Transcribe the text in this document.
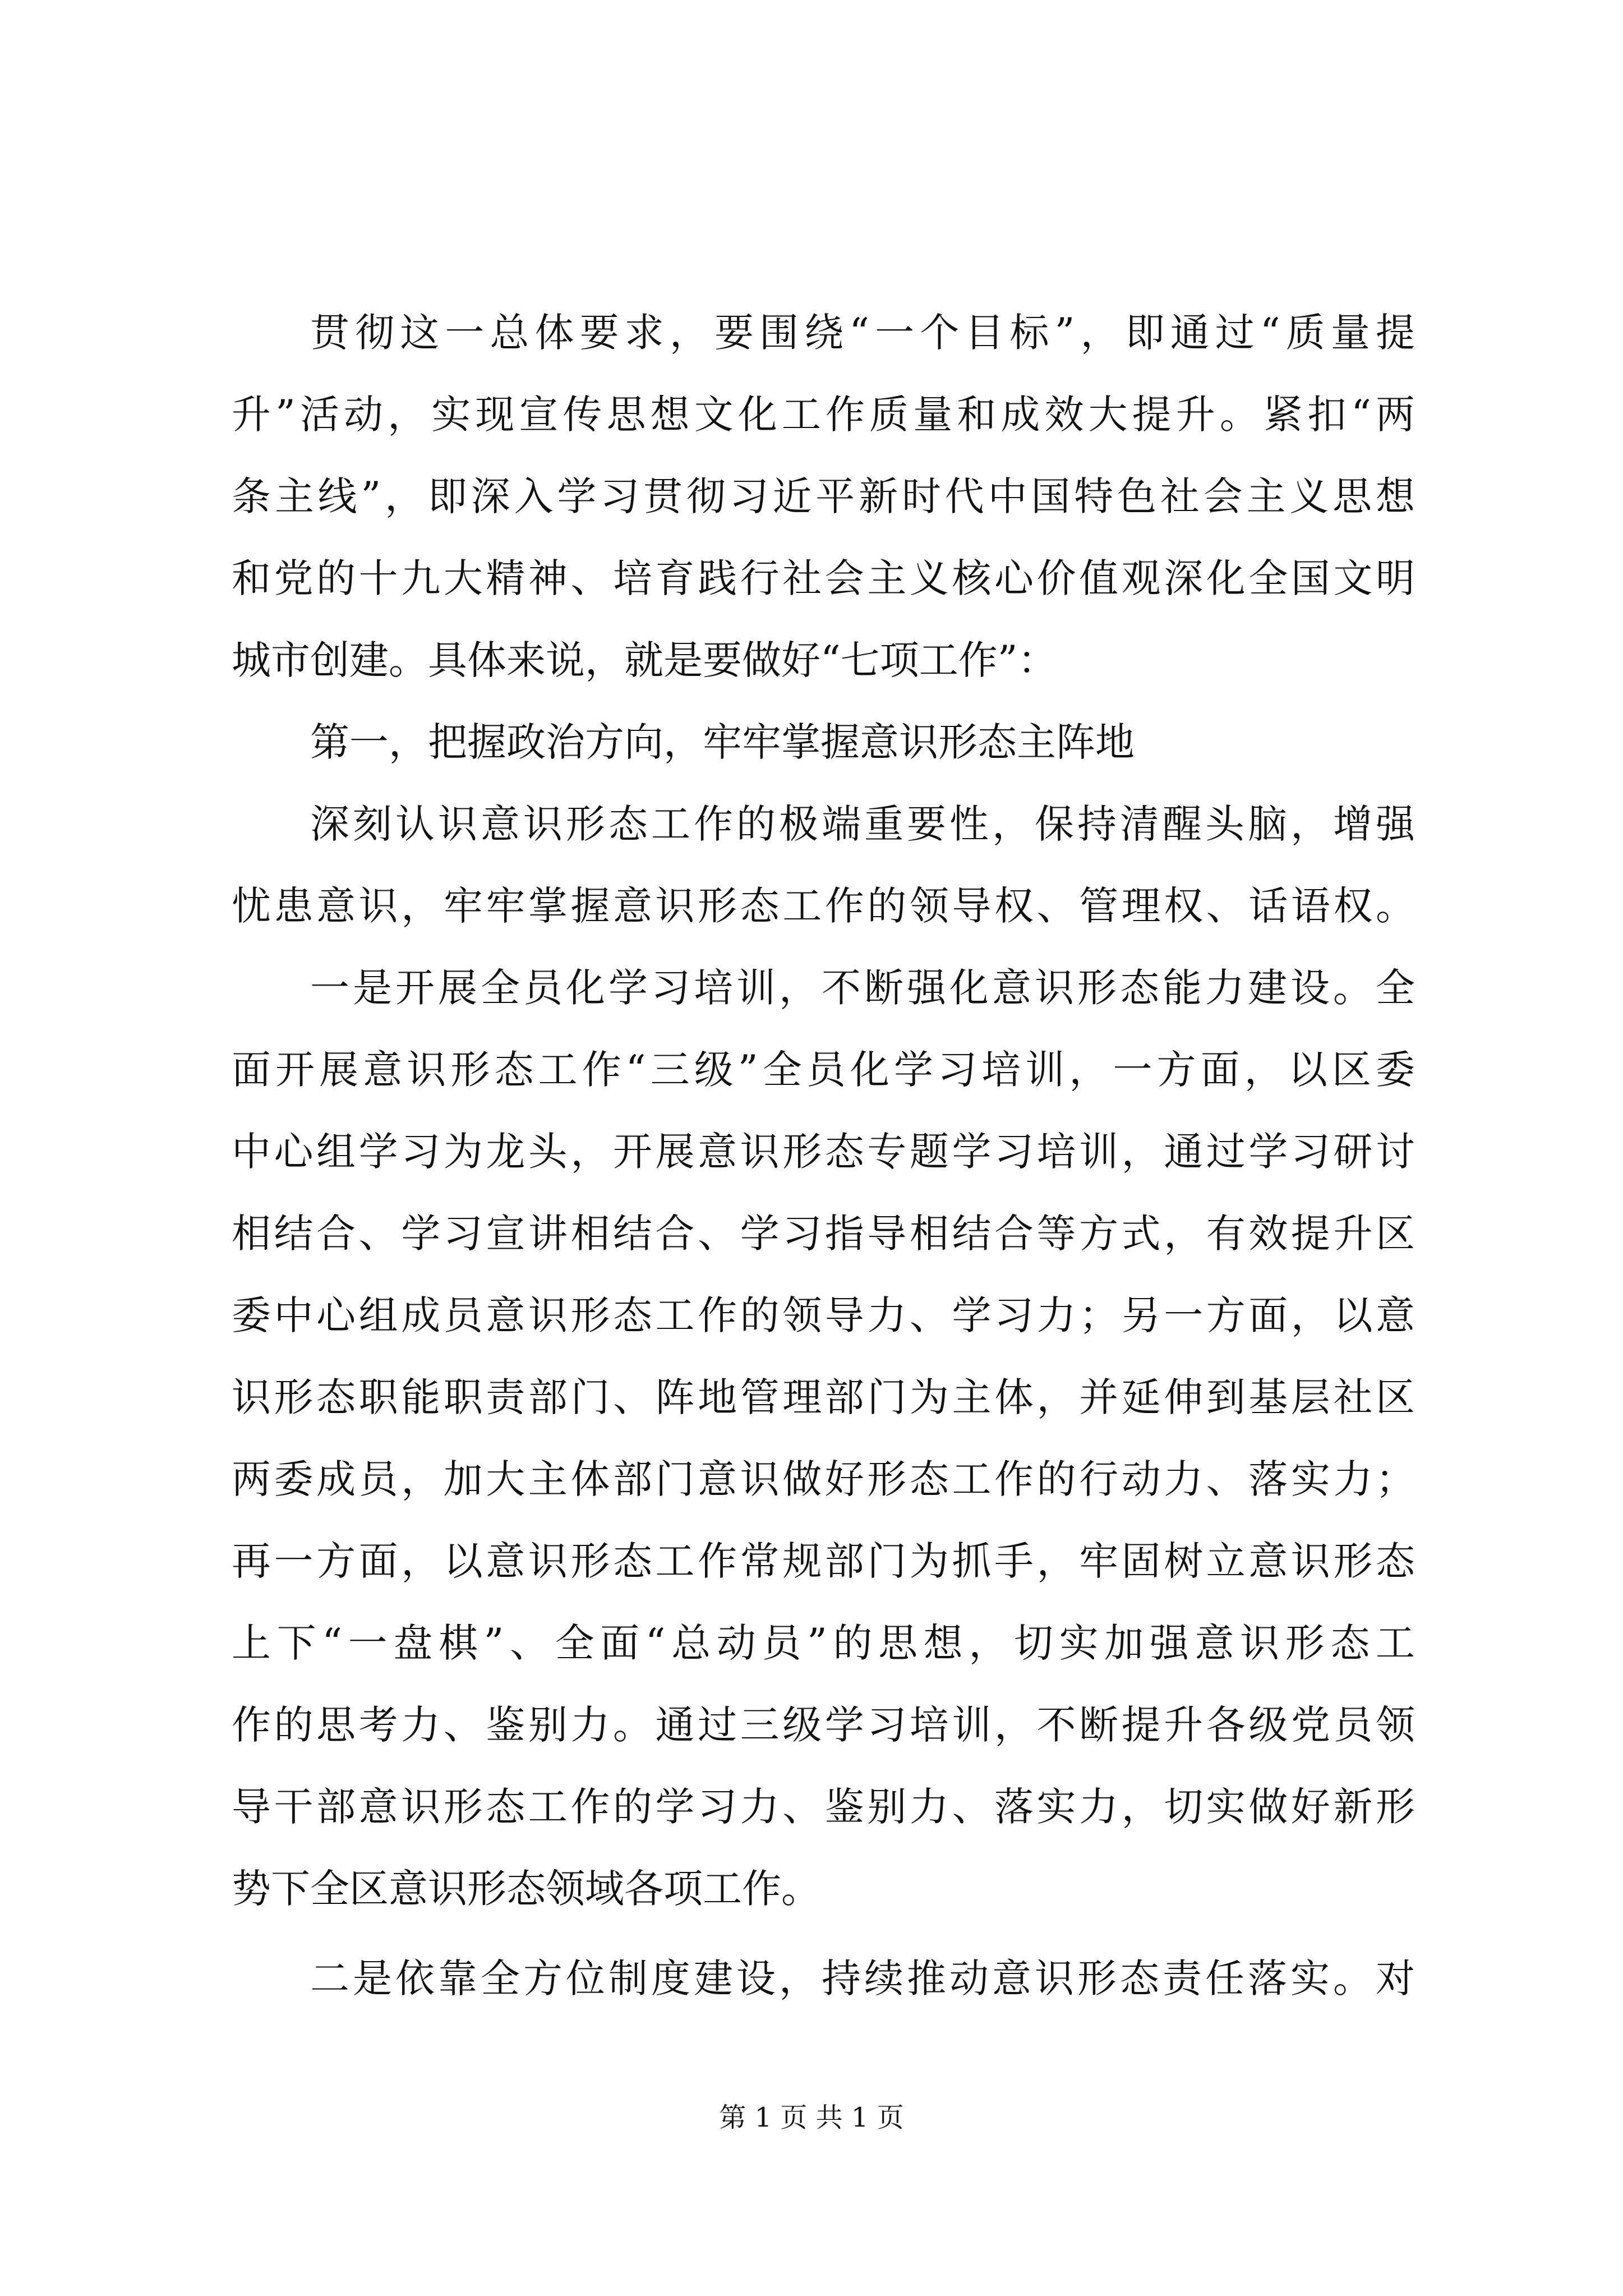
贯彻这一总体要求，要围绕“一个目标”，即通过“质量提
升”活动，实现宣传思想文化工作质量和成效大提升。紧扣“两
条主线”，即深入学习贯彻习近平新时代中国特色社会主义思想
和党的十九大精神、培育践行社会主义核心价值观深化全国文明
城市创建。具体来说，就是要做好“七项工作”：
第一，把握政治方向，牢牢掌握意识形态主阵地
深刻认识意识形态工作的极端重要性，保持清醒头脑，增强
忧患意识，牢牢掌握意识形态工作的领导权、管理权、话语权。
一是开展全员化学习培训，不断强化意识形态能力建设。全
面开展意识形态工作“三级”全员化学习培训，一方面，以区委
中心组学习为龙头，开展意识形态专题学习培训，通过学习研讨
相结合、学习宣讲相结合、学习指导相结合等方式，有效提升区
委中心组成员意识形态工作的领导力、学习力；另一方面，以意
识形态职能职责部门、阵地管理部门为主体，并延伸到基层社区
两委成员，加大主体部门意识做好形态工作的行动力、落实力；
再一方面，以意识形态工作常规部门为抓手，牢固树立意识形态
上下“一盘棋”、全面“总动员”的思想，切实加强意识形态工
作的思考力、鉴别力。通过三级学习培训，不断提升各级党员领
导干部意识形态工作的学习力、鉴别力、落实力，切实做好新形
势下全区意识形态领域各项工作。
二是依靠全方位制度建设，持续推动意识形态责任落实。对
第 1 页 共 1 页
